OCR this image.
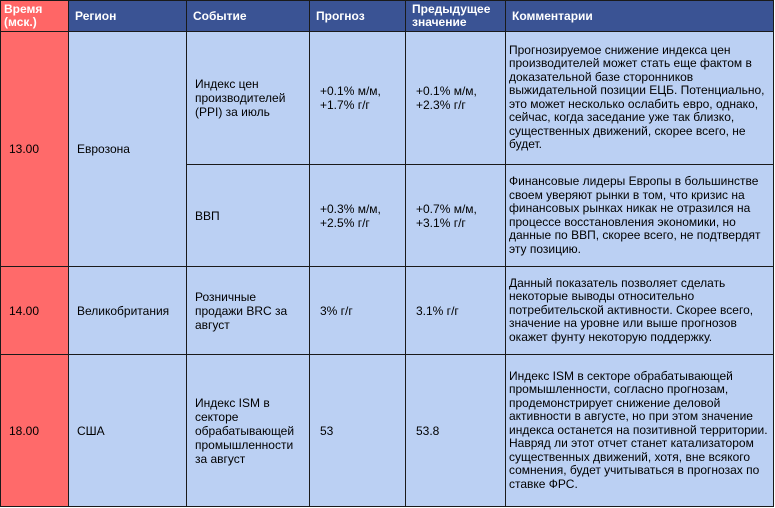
Время (мск.)	Регион	Событие	Прогноз	Предыдущее значение	Комментарии
13.00	Еврозона	Индекс цен производителей (PPI) за июль	+0.1% м/м, +1.7% г/г	+0.1% м/м, +2.3% г/г	Прогнозируемое снижение индекса цен производителей может стать еще фактом в доказательной базе сторонников выжидательной позиции ЕЦБ. Потенциально, это может несколько ослабить евро, однако, сейчас, когда заседание уже так близко, существенных движений, скорее всего, не будет.
		ВВП	+0.3% м/м, +2.5% г/г	+0.7% м/м, +3.1% г/г	Финансовые лидеры Европы в большинстве своем уверяют рынки в том, что кризис на финансовых рынках никак не отразился на процессе восстановления экономики, но данные по ВВП, скорее всего, не подтвердят эту позицию.
14.00	Великобритания	Розничные продажи BRC за август	3% г/г	3.1% г/г	Данный показатель позволяет сделать некоторые выводы относительно потребительской активности. Скорее всего, значение на уровне или выше прогнозов окажет фунту некоторую поддержку.
18.00	США	Индекс ISM в секторе обрабатывающей промышленности за август	53	53.8	Индекс ISM в секторе обрабатывающей промышленности, согласно прогнозам, продемонстрирует снижение деловой активности в августе, но при этом значение индекса останется на позитивной территории. Навряд ли этот отчет станет катализатором существенных движений, хотя, вне всякого сомнения, будет учитываться в прогнозах по ставке ФРС.
